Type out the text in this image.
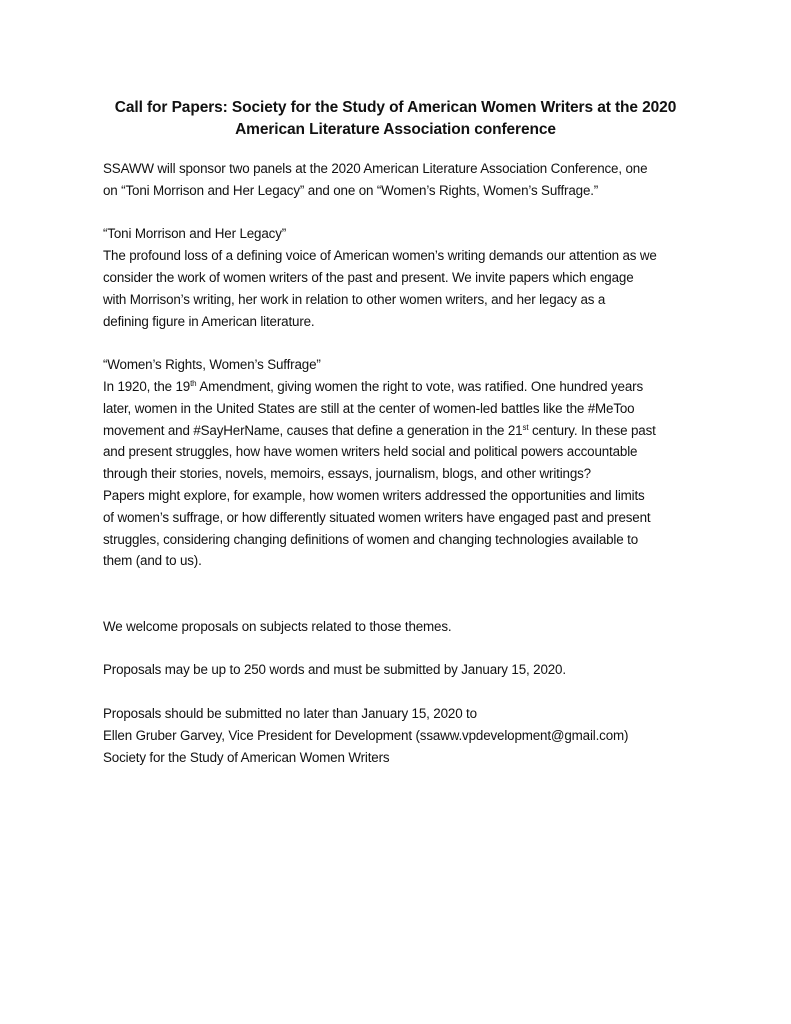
Call for Papers: Society for the Study of American Women Writers at the 2020
American Literature Association conference

SSAWW will sponsor two panels at the 2020 American Literature Association Conference, one

on “Toni Morrison and Her Legacy” and one on “Women’s Rights, Women’s Suffrage.”

“Toni Morrison and Her Legacy”

The profound loss of a defining voice of American women’s writing demands our attention as we

consider the work of women writers of the past and present. We invite papers which engage

with Morrison’s writing, her work in relation to other women writers, and her legacy as a

defining figure in American literature.

“Women’s Rights, Women’s Suffrage”

In 1920, the 19th Amendment, giving women the right to vote, was ratified. One hundred years

later, women in the United States are still at the center of women-led battles like the #MeToo

movement and #SayHerName, causes that define a generation in the 21st century. In these past

and present struggles, how have women writers held social and political powers accountable

through their stories, novels, memoirs, essays, journalism, blogs, and other writings?

Papers might explore, for example, how women writers addressed the opportunities and limits

of women’s suffrage, or how differently situated women writers have engaged past and present

struggles, considering changing definitions of women and changing technologies available to

them (and to us).

We welcome proposals on subjects related to those themes.

Proposals may be up to 250 words and must be submitted by January 15, 2020.

Proposals should be submitted no later than January 15, 2020 to

Ellen Gruber Garvey, Vice President for Development (ssaww.vpdevelopment@gmail.com)

Society for the Study of American Women Writers
